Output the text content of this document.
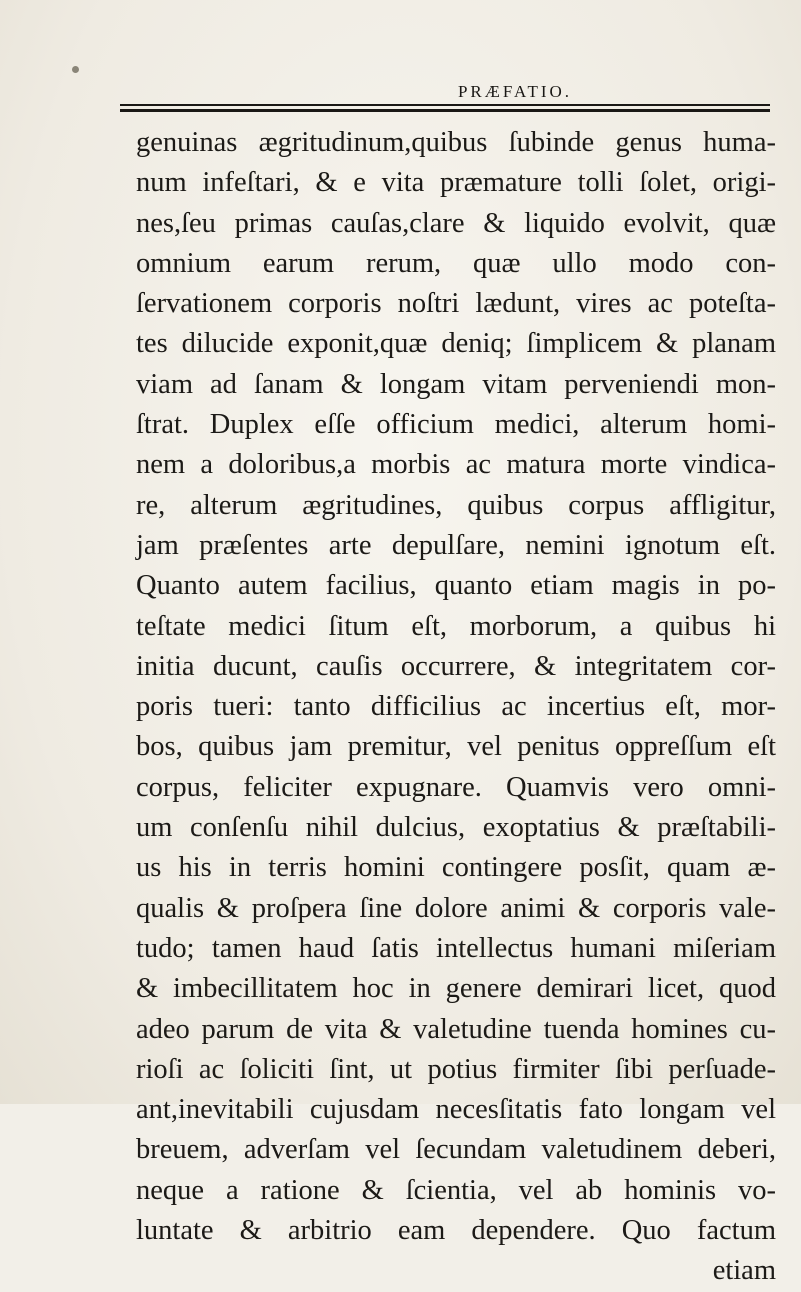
PRÆFATIO.
genuinas ægritudinum,quibus ſubinde genus huma-
num infeſtari, & e vita præmature tolli ſolet, origi-
nes,ſeu primas cauſas,clare & liquido evolvit, quæ
omnium earum rerum, quæ ullo modo con-
ſervationem corporis noſtri lædunt, vires ac poteſta-
tes dilucide exponit,quæ deniq; ſimplicem & planam
viam ad ſanam & longam vitam perveniendi mon-
ſtrat. Duplex eſſe officium medici, alterum homi-
nem a doloribus,a morbis ac matura morte vindica-
re, alterum ægritudines, quibus corpus affligitur,
jam præſentes arte depulſare, nemini ignotum eſt.
Quanto autem facilius, quanto etiam magis in po-
teſtate medici ſitum eſt, morborum, a quibus hi
initia ducunt, cauſis occurrere, & integritatem cor-
poris tueri: tanto difficilius ac incertius eſt, mor-
bos, quibus jam premitur, vel penitus oppreſſum eſt
corpus, feliciter expugnare. Quamvis vero omni-
um conſenſu nihil dulcius, exoptatius & præſtabili-
us his in terris homini contingere posſit, quam æ-
qualis & proſpera ſine dolore animi & corporis vale-
tudo; tamen haud ſatis intellectus humani miſeriam
& imbecillitatem hoc in genere demirari licet, quod
adeo parum de vita & valetudine tuenda homines cu-
rioſi ac ſoliciti ſint, ut potius firmiter ſibi perſuade-
ant,inevitabili cujusdam necesſitatis fato longam vel
breuem, adverſam vel ſecundam valetudinem deberi,
neque a ratione & ſcientia, vel ab hominis vo-
luntate & arbitrio eam dependere. Quo factum
etiam
